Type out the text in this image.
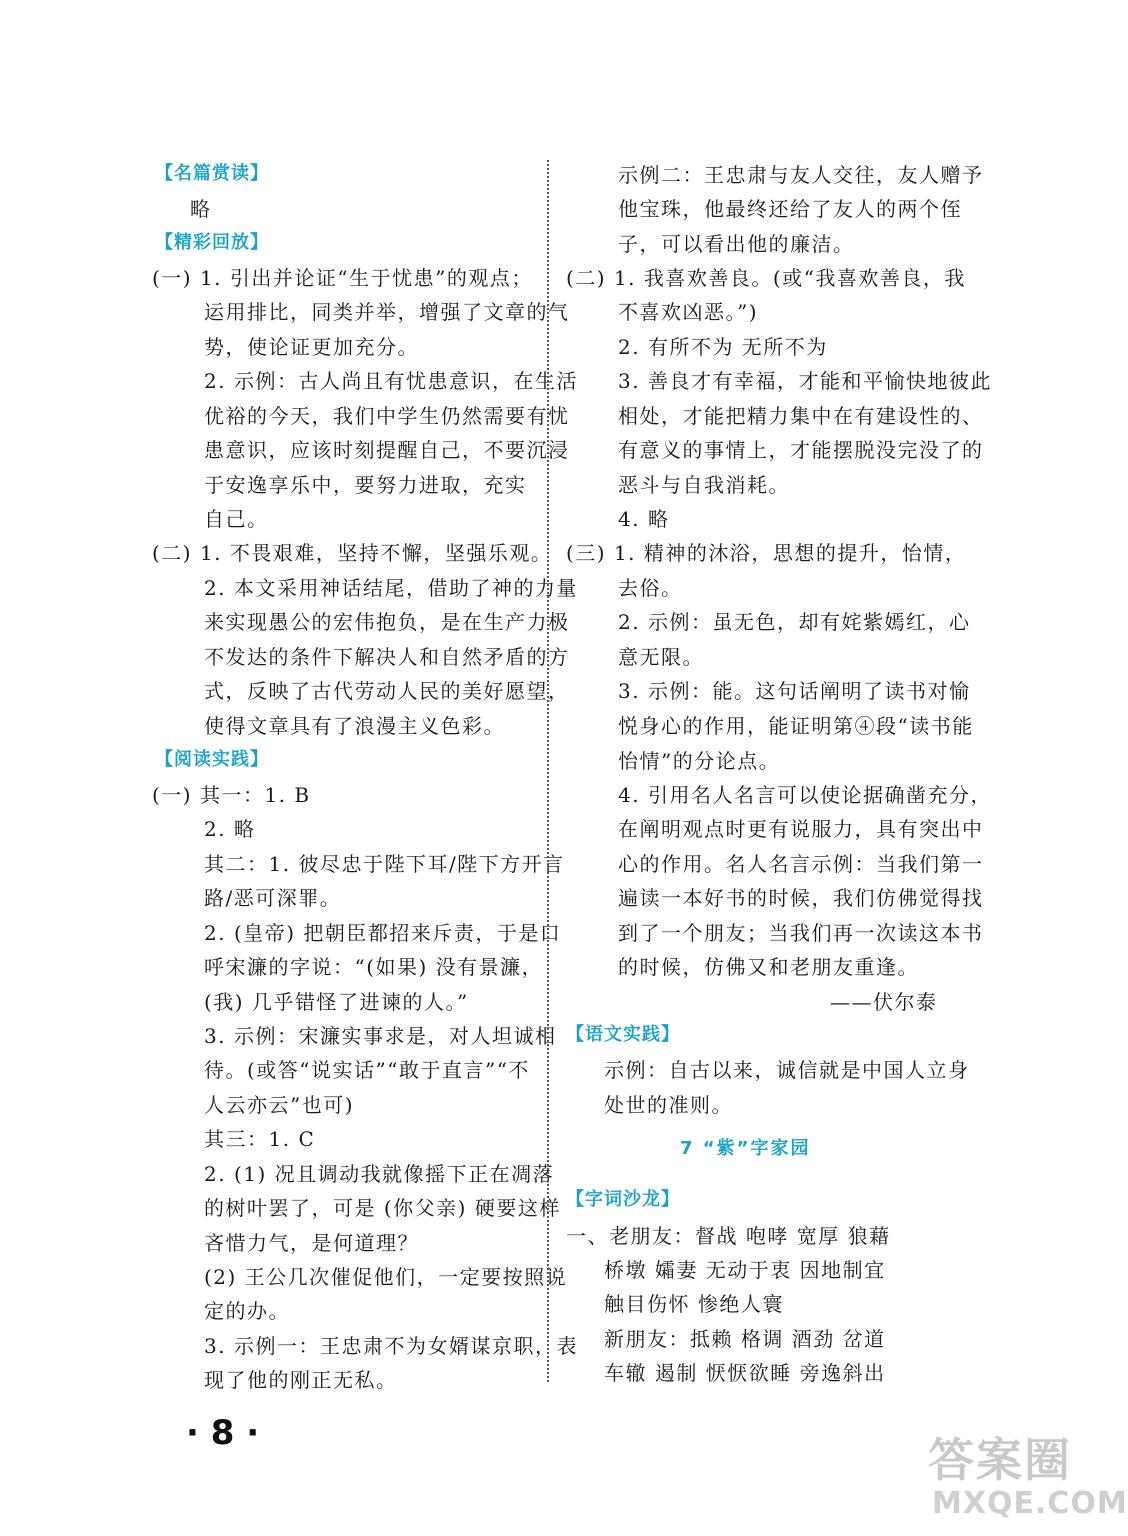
【名篇赏读】
略
【精彩回放】
(一) 1. 引出并论证“生于忧患”的观点；
运用排比，同类并举，增强了文章的气
势，使论证更加充分。
2. 示例：古人尚且有忧患意识，在生活
优裕的今天，我们中学生仍然需要有忧
患意识，应该时刻提醒自己，不要沉浸
于安逸享乐中，要努力进取，充实
自己。
(二) 1. 不畏艰难，坚持不懈，坚强乐观。
2. 本文采用神话结尾，借助了神的力量
来实现愚公的宏伟抱负，是在生产力极
不发达的条件下解决人和自然矛盾的方
式，反映了古代劳动人民的美好愿望，
使得文章具有了浪漫主义色彩。
【阅读实践】
(一) 其一：1. B
2. 略
其二：1. 彼尽忠于陛下耳/陛下方开言
路/恶可深罪。
2. (皇帝) 把朝臣都招来斥责，于是口
呼宋濂的字说：“(如果) 没有景濂，
(我) 几乎错怪了进谏的人。”
3. 示例：宋濂实事求是，对人坦诚相
待。(或答“说实话”“敢于直言”“不
人云亦云”也可)
其三：1. C
2. (1) 况且调动我就像摇下正在凋落
的树叶罢了，可是 (你父亲) 硬要这样
吝惜力气，是何道理？
(2) 王公几次催促他们，一定要按照说
定的办。
3. 示例一：王忠肃不为女婿谋京职，表
现了他的刚正无私。
示例二：王忠肃与友人交往，友人赠予
他宝珠，他最终还给了友人的两个侄
子，可以看出他的廉洁。
(二) 1. 我喜欢善良。(或“我喜欢善良，我
不喜欢凶恶。”)
2. 有所不为 无所不为
3. 善良才有幸福，才能和平愉快地彼此
相处，才能把精力集中在有建设性的、
有意义的事情上，才能摆脱没完没了的
恶斗与自我消耗。
4. 略
(三) 1. 精神的沐浴，思想的提升，怡情，
去俗。
2. 示例：虽无色，却有姹紫嫣红，心
意无限。
3. 示例：能。这句话阐明了读书对愉
悦身心的作用，能证明第④段“读书能
怡情”的分论点。
4. 引用名人名言可以使论据确凿充分，
在阐明观点时更有说服力，具有突出中
心的作用。名人名言示例：当我们第一
遍读一本好书的时候，我们仿佛觉得找
到了一个朋友；当我们再一次读这本书
的时候，仿佛又和老朋友重逢。
——伏尔泰
【语文实践】
示例：自古以来，诚信就是中国人立身
处世的准则。
7 “紫”字家园
【字词沙龙】
一、老朋友：督战 咆哮 宽厚 狼藉
桥墩 孀妻 无动于衷 因地制宜
触目伤怀 惨绝人寰
新朋友：抵赖 格调 酒劲 岔道
车辙 遏制 恹恹欲睡 旁逸斜出
· 8 ·	答案圈
MXQE.COM
